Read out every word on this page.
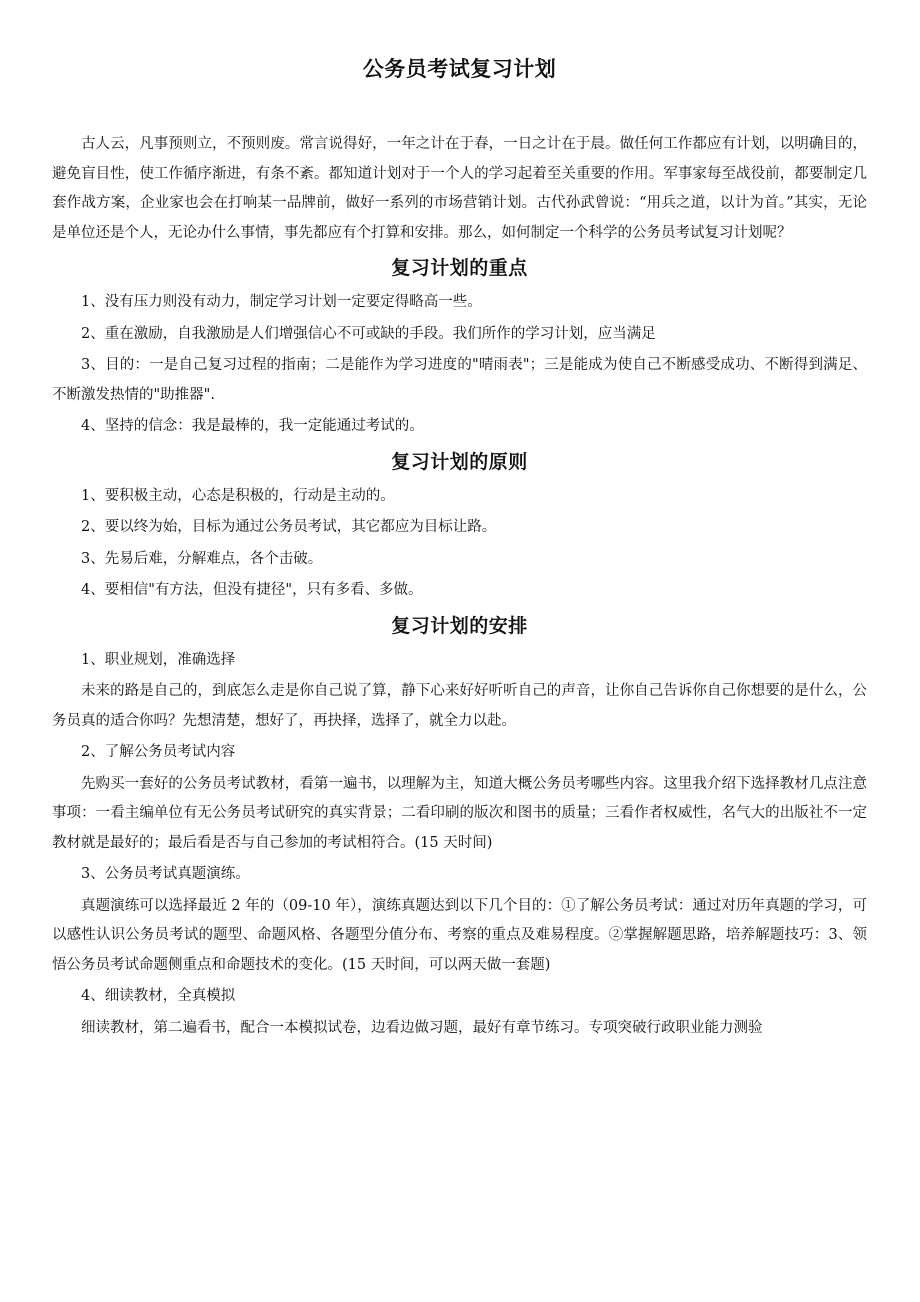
公务员考试复习计划

古人云，凡事预则立，不预则废。常言说得好，一年之计在于春，一日之计在于晨。做任何工作都应有计划，以明确目的，避免盲目性，使工作循序渐进，有条不紊。都知道计划对于一个人的学习起着至关重要的作用。军事家每至战役前，都要制定几套作战方案，企业家也会在打响某一品牌前，做好一系列的市场营销计划。古代孙武曾说：“用兵之道，以计为首。”其实，无论是单位还是个人，无论办什么事情，事先都应有个打算和安排。那么，如何制定一个科学的公务员考试复习计划呢？

复习计划的重点

1、没有压力则没有动力，制定学习计划一定要定得略高一些。

2、重在激励，自我激励是人们增强信心不可或缺的手段。我们所作的学习计划，应当满足

3、目的：一是自己复习过程的指南；二是能作为学习进度的"晴雨表"；三是能成为使自己不断感受成功、不断得到满足、不断激发热情的"助推器".

4、坚持的信念：我是最棒的，我一定能通过考试的。

复习计划的原则

1、要积极主动，心态是积极的，行动是主动的。

2、要以终为始，目标为通过公务员考试，其它都应为目标让路。

3、先易后难，分解难点，各个击破。

4、要相信"有方法，但没有捷径"，只有多看、多做。

复习计划的安排

1、职业规划，准确选择

未来的路是自己的，到底怎么走是你自己说了算，静下心来好好听听自己的声音，让你自己告诉你自己你想要的是什么，公务员真的适合你吗？先想清楚，想好了，再抉择，选择了，就全力以赴。

2、了解公务员考试内容

先购买一套好的公务员考试教材，看第一遍书，以理解为主，知道大概公务员考哪些内容。这里我介绍下选择教材几点注意事项：一看主编单位有无公务员考试研究的真实背景；二看印刷的版次和图书的质量；三看作者权威性，名气大的出版社不一定教材就是最好的；最后看是否与自己参加的考试相符合。(15 天时间)

3、公务员考试真题演练。

真题演练可以选择最近 2 年的（09-10 年），演练真题达到以下几个目的：①了解公务员考试：通过对历年真题的学习，可以感性认识公务员考试的题型、命题风格、各题型分值分布、考察的重点及难易程度。②掌握解题思路，培养解题技巧：3、领悟公务员考试命题侧重点和命题技术的变化。(15 天时间，可以两天做一套题)

4、细读教材，全真模拟

细读教材，第二遍看书，配合一本模拟试卷，边看边做习题，最好有章节练习。专项突破行政职业能力测验
